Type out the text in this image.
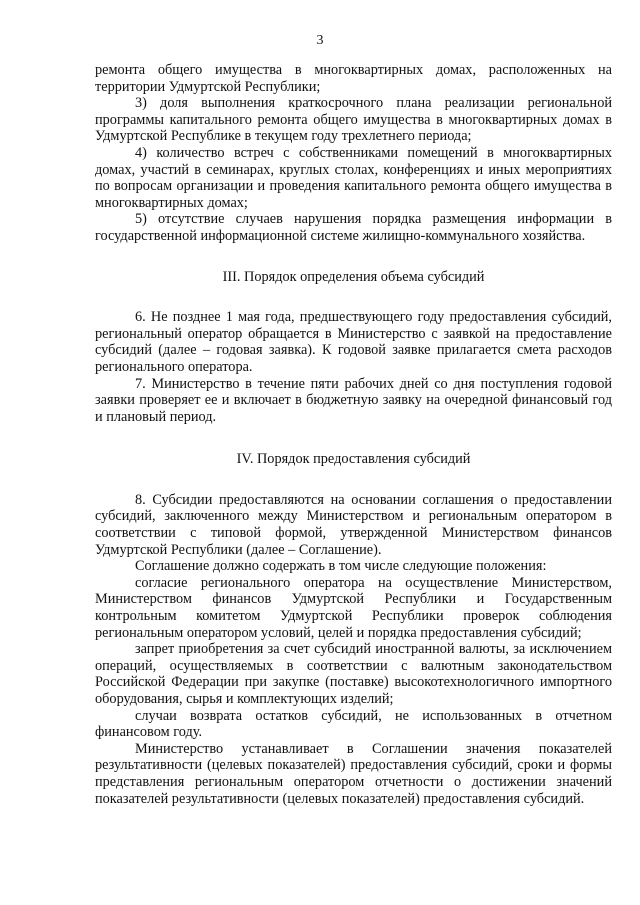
3

ремонта общего имущества в многоквартирных домах, расположенных на территории Удмуртской Республики;

3) доля выполнения краткосрочного плана реализации региональной программы капитального ремонта общего имущества в многоквартирных домах в Удмуртской Республике в текущем году трехлетнего периода;

4) количество встреч с собственниками помещений в многоквартирных домах, участий в семинарах, круглых столах, конференциях и иных мероприятиях по вопросам организации и проведения капитального ремонта общего имущества в многоквартирных домах;

5) отсутствие случаев нарушения порядка размещения информации в государственной информационной системе жилищно-коммунального хозяйства.

III. Порядок определения объема субсидий

6. Не позднее 1 мая года, предшествующего году предоставления субсидий, региональный оператор обращается в Министерство с заявкой на предоставление субсидий (далее – годовая заявка). К годовой заявке прилагается смета расходов регионального оператора.

7. Министерство в течение пяти рабочих дней со дня поступления годовой заявки проверяет ее и включает в бюджетную заявку на очередной финансовый год и плановый период.

IV. Порядок предоставления субсидий

8. Субсидии предоставляются на основании соглашения о предоставлении субсидий, заключенного между Министерством и региональным оператором в соответствии с типовой формой, утвержденной Министерством финансов Удмуртской Республики (далее – Соглашение).

Соглашение должно содержать в том числе следующие положения:

согласие регионального оператора на осуществление Министерством, Министерством финансов Удмуртской Республики и Государственным контрольным комитетом Удмуртской Республики проверок соблюдения региональным оператором условий, целей и порядка предоставления субсидий;

запрет приобретения за счет субсидий иностранной валюты, за исключением операций, осуществляемых в соответствии с валютным законодательством Российской Федерации при закупке (поставке) высокотехнологичного импортного оборудования, сырья и комплектующих изделий;

случаи возврата остатков субсидий, не использованных в отчетном финансовом году.

Министерство устанавливает в Соглашении значения показателей результативности (целевых показателей) предоставления субсидий, сроки и формы представления региональным оператором отчетности о достижении значений показателей результативности (целевых показателей) предоставления субсидий.
